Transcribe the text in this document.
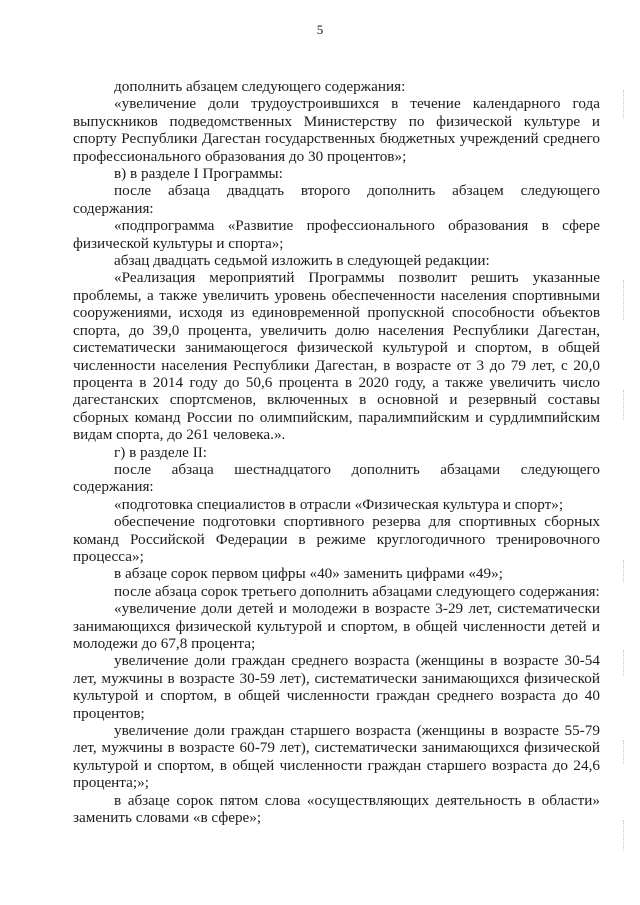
5

дополнить абзацем следующего содержания:

«увеличение доли трудоустроившихся в течение календарного года выпускников подведомственных Министерству по физической культуре и спорту Республики Дагестан государственных бюджетных учреждений среднего профессионального образования до 30 процентов»;

в) в разделе I Программы:

после абзаца двадцать второго дополнить абзацем следующего содержания:

«подпрограмма «Развитие профессионального образования в сфере физической культуры и спорта»;

абзац двадцать седьмой изложить в следующей редакции:

«Реализация мероприятий Программы позволит решить указанные проблемы, а также увеличить уровень обеспеченности населения спортивными сооружениями, исходя из единовременной пропускной способности объектов спорта, до 39,0 процента, увеличить долю населения Республики Дагестан, систематически занимающегося физической культурой и спортом, в общей численности населения Республики Дагестан, в возрасте от 3 до 79 лет, с 20,0 процента в 2014 году до 50,6 процента в 2020 году, а также увеличить число дагестанских спортсменов, включенных в основной и резервный составы сборных команд России по олимпийским, паралимпийским и сурдлимпийским видам спорта, до 261 человека.».

г) в разделе II:

после абзаца шестнадцатого дополнить абзацами следующего содержания:

«подготовка специалистов в отрасли «Физическая культура и спорт»;

обеспечение подготовки спортивного резерва для спортивных сборных команд Российской Федерации в режиме круглогодичного тренировочного процесса»;

в абзаце сорок первом цифры «40» заменить цифрами «49»;

после абзаца сорок третьего дополнить абзацами следующего содержания:

«увеличение доли детей и молодежи в возрасте 3-29 лет, систематически занимающихся физической культурой и спортом, в общей численности детей и молодежи до 67,8 процента;

увеличение доли граждан среднего возраста (женщины в возрасте 30-54 лет, мужчины в возрасте 30-59 лет), систематически занимающихся физической культурой и спортом, в общей численности граждан среднего возраста до 40 процентов;

увеличение доли граждан старшего возраста (женщины в возрасте 55-79 лет, мужчины в возрасте 60-79 лет), систематически занимающихся физической культурой и спортом, в общей численности граждан старшего возраста до 24,6 процента;»;

в абзаце сорок пятом слова «осуществляющих деятельность в области» заменить словами «в сфере»;
